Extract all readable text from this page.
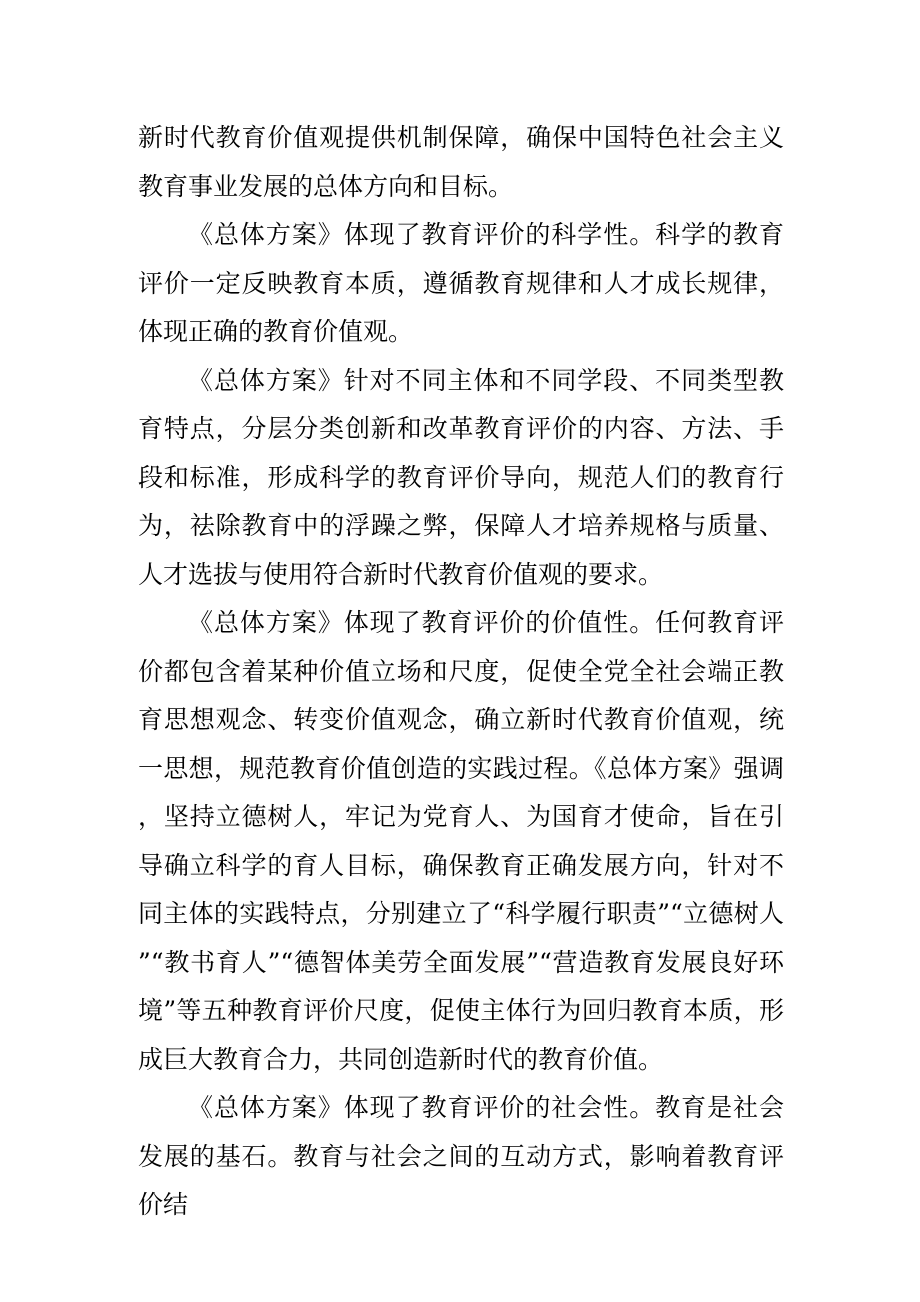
新时代教育价值观提供机制保障，确保中国特色社会主义教育事业发展的总体方向和目标。

《总体方案》体现了教育评价的科学性。科学的教育评价一定反映教育本质，遵循教育规律和人才成长规律，体现正确的教育价值观。

《总体方案》针对不同主体和不同学段、不同类型教育特点，分层分类创新和改革教育评价的内容、方法、手段和标准，形成科学的教育评价导向，规范人们的教育行为，祛除教育中的浮躁之弊，保障人才培养规格与质量、人才选拔与使用符合新时代教育价值观的要求。

《总体方案》体现了教育评价的价值性。任何教育评价都包含着某种价值立场和尺度，促使全党全社会端正教育思想观念、转变价值观念，确立新时代教育价值观，统一思想，规范教育价值创造的实践过程。《总体方案》强调，坚持立德树人，牢记为党育人、为国育才使命，旨在引导确立科学的育人目标，确保教育正确发展方向，针对不同主体的实践特点，分别建立了“科学履行职责”“立德树人”“教书育人”“德智体美劳全面发展”“营造教育发展良好环境”等五种教育评价尺度，促使主体行为回归教育本质，形成巨大教育合力，共同创造新时代的教育价值。

《总体方案》体现了教育评价的社会性。教育是社会发展的基石。教育与社会之间的互动方式，影响着教育评价结
